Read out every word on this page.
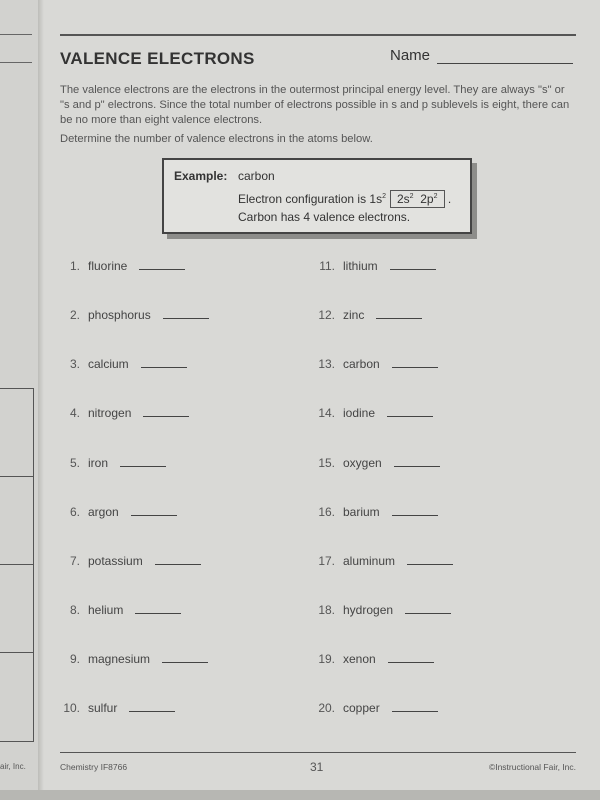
air, Inc.
VALENCE ELECTRONS	Name

The valence electrons are the electrons in the outermost principal energy level. They are always "s" or "s and p" electrons. Since the total number of electrons possible in s and p sublevels is eight, there can be no more than eight valence electrons.

Determine the number of valence electrons in the atoms below.

Example: carbon
Electron configuration is $1s^2$ $2s^2$ $2p^2$ .
Carbon has 4 valence electrons.
1. fluorine
2. phosphorus
3. calcium
4. nitrogen
5. iron
6. argon
7. potassium
8. helium
9. magnesium
10. sulfur
11. lithium
12. zinc
13. carbon
14. iodine
15. oxygen
16. barium
17. aluminum
18. hydrogen
19. xenon
20. copper
Chemistry IF8766	31	©Instructional Fair, Inc.
